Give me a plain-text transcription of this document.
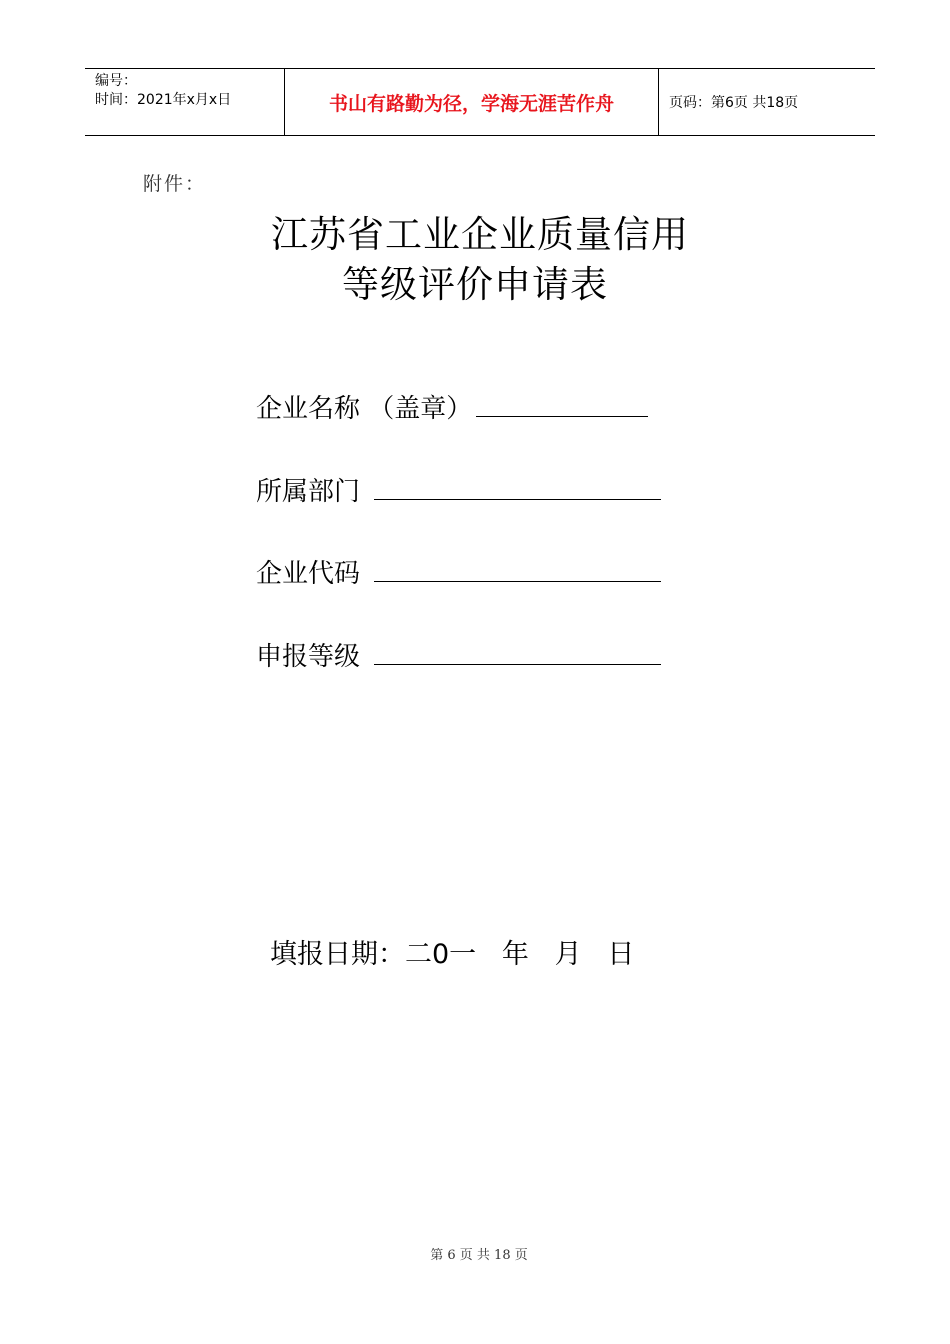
编号：
时间：2021年x月x日	书山有路勤为径，学海无涯苦作舟	页码：第6页 共18页
附件：
江苏省工业企业质量信用
等级评价申请表
企业名称 （盖章）
所属部门
企业代码
申报等级
填报日期：二0一   年   月   日
第 6 页 共 18 页
